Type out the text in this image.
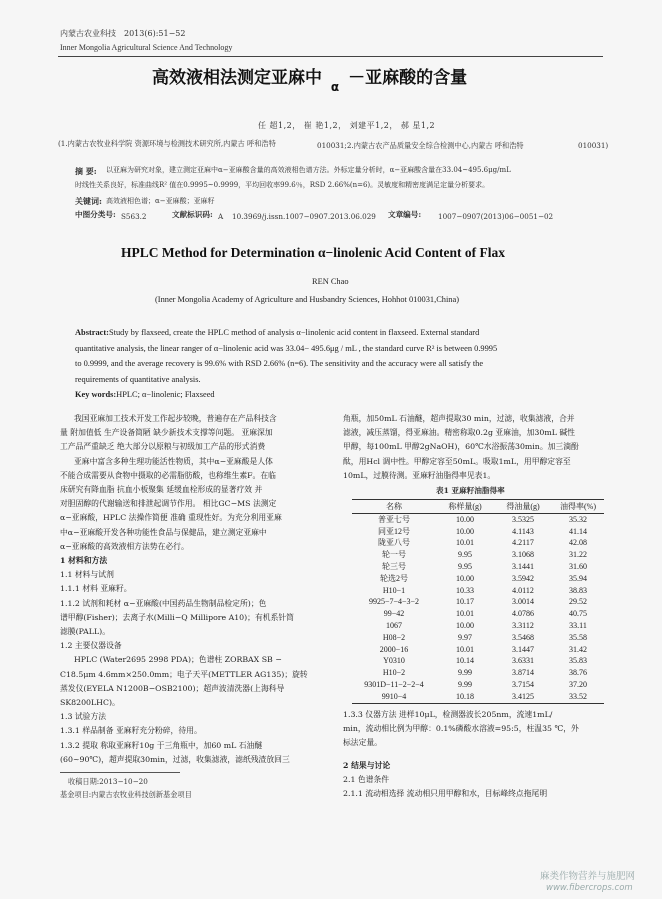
内蒙古农业科技 2013(6):51−52
Inner Mongolia Agricultural Science And Technology
高效液相法测定亚麻中 $_\alpha$ －亚麻酸的含量
任 超1,2， 崔 艳1,2， 刘建平1,2， 郝 星1,2
(1.内蒙古农牧业科学院 资源环境与检测技术研究所,内蒙古 呼和浩特	010031;2.内蒙古农产品质量安全综合检测中心,内蒙古 呼和浩特	010031)
摘 要: 以亚麻为研究对象，建立测定亚麻中α−亚麻酸含量的高效液相色谱方法。外标定量分析时，α−亚麻酸含量在33.04~495.6μg/mL
时线性关系良好，标准曲线R² 值在0.9995~0.9999，平均回收率99.6％，RSD 2.66%(n=6)。灵敏度和精密度满足定量分析要求。
关键词: 高效液相色谱；α−亚麻酸；亚麻籽
中图分类号: S563.2	文献标识码: A 10.3969/j.issn.1007−0907.2013.06.029 文章编号: 1007−0907(2013)06−0051−02
HPLC Method for Determination α−linolenic Acid Content of Flax
REN Chao
(Inner Mongolia Academy of Agriculture and Husbandry Sciences, Hohhot 010031,China)
Abstract:Study by flaxseed, create the HPLC method of analysis α−linolenic acid content in flaxseed. External standard
quantitative analysis, the linear ranger of α−linolenic acid was 33.04− 495.6μg / mL , the standard curve R² is between 0.9995
to 0.9999, and the average recovery is 99.6% with RSD 2.66% (n=6). The sensitivity and the accuracy were all satisfy the
requirements of quantitative analysis.
Key words:HPLC; α−linolenic; Flaxseed
我国亚麻加工技术开发工作起步较晚，普遍存在产品科技含
量 附加值低 生产设备简陋 缺少新技术支撑等问题。 亚麻深加
工产品严重缺乏 绝大部分以原粮与初级加工产品的形式消费
亚麻中富含多种生理功能活性物质，其中α−亚麻酸是人体
不能合成需要从食物中摄取的必需脂肪酸，也称维生素F。在临
床研究有降血脂 抗血小板聚集 延缓血栓形成的显著疗效 并
对胆固醇的代谢输送和排泄起调节作用。 相比GC−MS 法测定
α−亚麻酸，HPLC 法操作简便 准确 重现性好。为充分利用亚麻
中α−亚麻酸开发各种功能性食品与保健品，建立测定亚麻中
α−亚麻酸的高效液相方法势在必行。
1 材料和方法
1.1 材料与试剂
1.1.1 材料 亚麻籽。
1.1.2 试剂和耗材 α−亚麻酸(中国药品生物制品检定所)；色
谱甲醇(Fisher)；去离子水(Milli−Q Millipore A10)；有机系针筒
滤膜(PALL)。
1.2 主要仪器设备
HPLC (Water2695 2998 PDA)；色谱柱 ZORBAX SB −
C18.5μm 4.6mm×250.0mm；电子天平(METTLER AG135)；旋转
蒸发仪(EYELA N1200B−OSB2100)；超声波清洗器(上海科导
SK8200LHC)。
1.3 试验方法
1.3.1 样品制备 亚麻籽充分粉碎，待用。
1.3.2 提取 称取亚麻籽10g 于三角瓶中，加60 mL 石油醚
(60~90℃)，超声提取30min，过滤，收集滤液，滤纸残渣放回三
收稿日期:2013−10−20
基金项目:内蒙古农牧业科技创新基金项目
角瓶，加50mL 石油醚，超声提取30 min，过滤，收集滤液，合并
滤液，减压蒸馏，得亚麻油。精密称取0.2g 亚麻油，加30mL 碱性
甲醇，每100mL 甲醇2gNaOH)，60℃水浴振荡30min。加三滴酚
酞，用Hcl 调中性。甲醇定容至50mL。吸取1mL，用甲醇定容至
10mL，过膜待测。亚麻籽油脂得率见表1。
表1 亚麻籽油脂得率
名称	称样量(g)	得油量(g)	油得率(%)
普亚七号	10.00	3.5325	35.32
同亚12号	10.00	4.1143	41.14
陇亚八号	10.01	4.2117	42.08
轮一号	9.95	3.1068	31.22
轮三号	9.95	3.1441	31.60
轮选2号	10.00	3.5942	35.94
H10−1	10.33	4.0112	38.83
9925−7−4−3−2	10.17	3.0014	29.52
99−42	10.01	4.0786	40.75
1067	10.00	3.3112	33.11
H08−2	9.97	3.5468	35.58
2000−16	10.01	3.1447	31.42
Y0310	10.14	3.6331	35.83
H10−2	9.99	3.8714	38.76
9301D−11−2−2−4	9.99	3.7154	37.20
9910−4	10.18	3.4125	33.52
1.3.3 仪器方法 进样10μL，检测器波长205nm，流速1mL/
min，流动相比例为甲醇：0.1%磷酸水溶液=95:5，柱温35 ℃，外
标法定量。
2 结果与讨论
2.1 色谱条件
2.1.1 流动相选择 流动相只用甲醇和水，目标峰终点拖尾明
麻类作物营养与施肥网
www.fibercrops.com
